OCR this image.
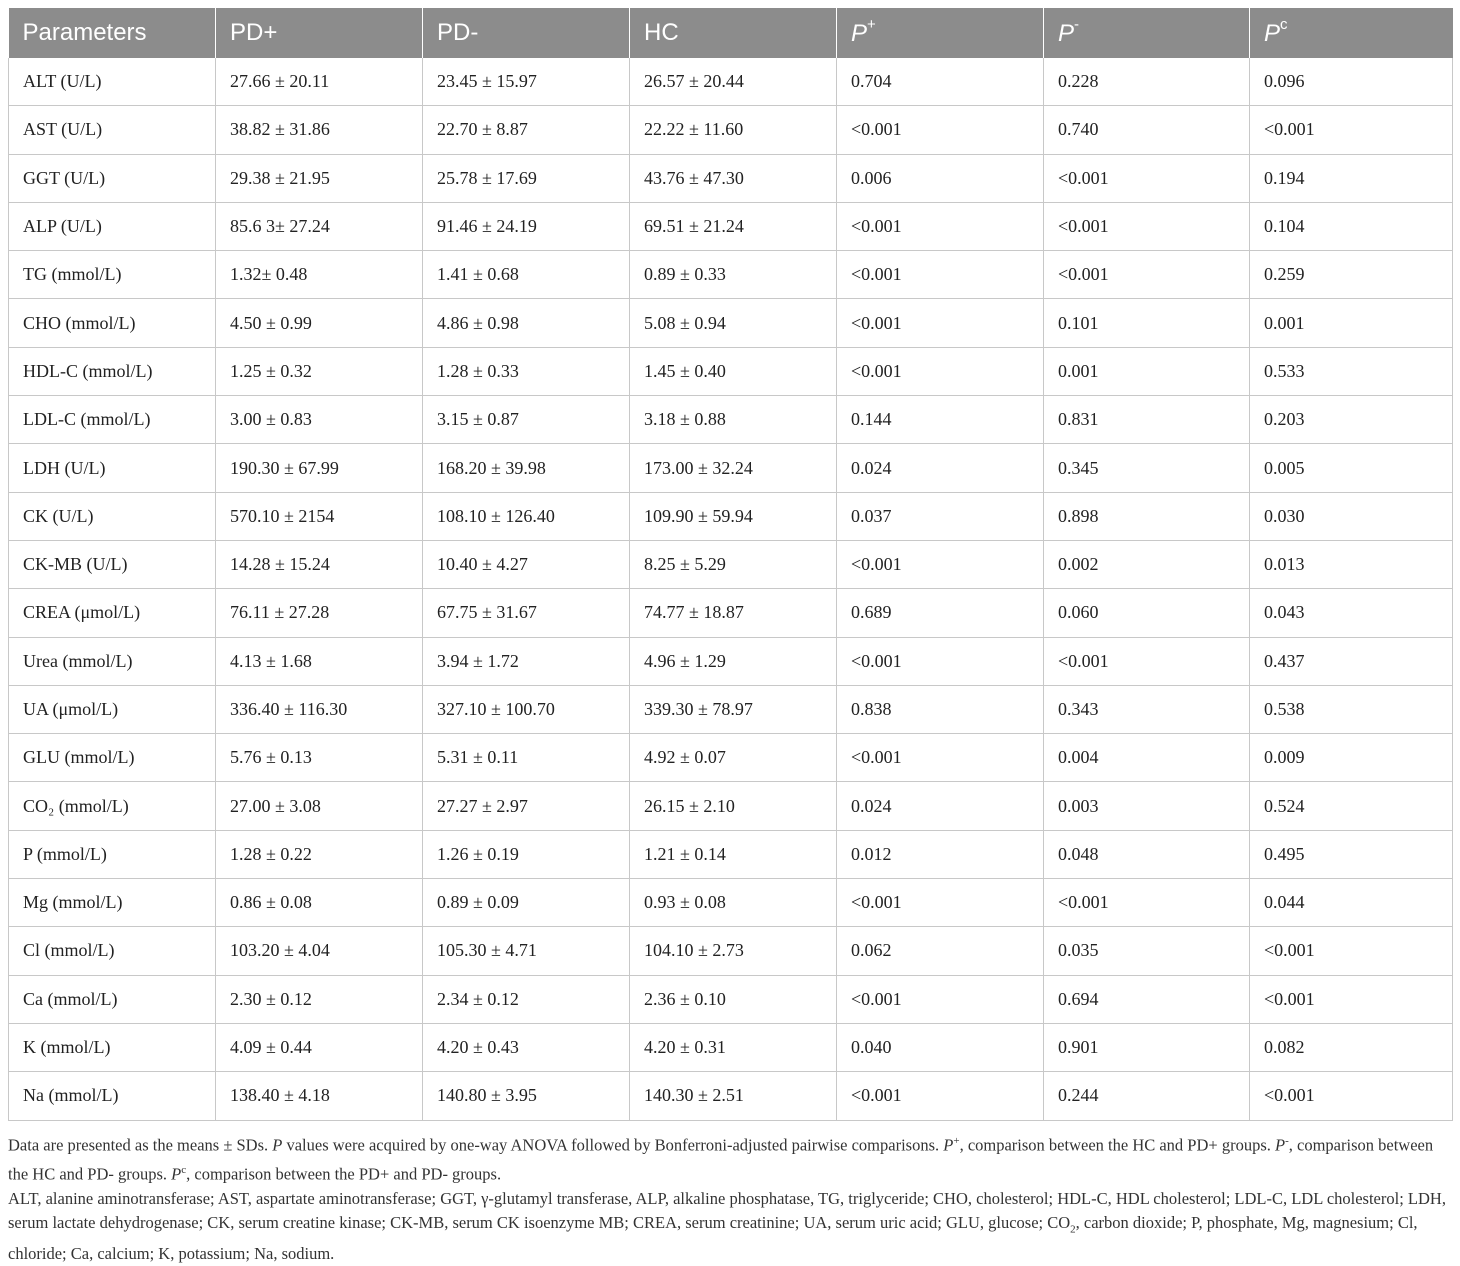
Parameters	PD+	PD-	HC	P+	P-	$P^c$
ALT (U/L)	27.66 ± 20.11	23.45 ± 15.97	26.57 ± 20.44	0.704	0.228	0.096
AST (U/L)	38.82 ± 31.86	22.70 ± 8.87	22.22 ± 11.60	<0.001	0.740	<0.001
GGT (U/L)	29.38 ± 21.95	25.78 ± 17.69	43.76 ± 47.30	0.006	<0.001	0.194
ALP (U/L)	85.6 3± 27.24	91.46 ± 24.19	69.51 ± 21.24	<0.001	<0.001	0.104
TG (mmol/L)	1.32± 0.48	1.41 ± 0.68	0.89 ± 0.33	<0.001	<0.001	0.259
CHO (mmol/L)	4.50 ± 0.99	4.86 ± 0.98	5.08 ± 0.94	<0.001	0.101	0.001
HDL-C (mmol/L)	1.25 ± 0.32	1.28 ± 0.33	1.45 ± 0.40	<0.001	0.001	0.533
LDL-C (mmol/L)	3.00 ± 0.83	3.15 ± 0.87	3.18 ± 0.88	0.144	0.831	0.203
LDH (U/L)	190.30 ± 67.99	168.20 ± 39.98	173.00 ± 32.24	0.024	0.345	0.005
CK (U/L)	570.10 ± 2154	108.10 ± 126.40	109.90 ± 59.94	0.037	0.898	0.030
CK-MB (U/L)	14.28 ± 15.24	10.40 ± 4.27	8.25 ± 5.29	<0.001	0.002	0.013
CREA (μmol/L)	76.11 ± 27.28	67.75 ± 31.67	74.77 ± 18.87	0.689	0.060	0.043
Urea (mmol/L)	4.13 ± 1.68	3.94 ± 1.72	4.96 ± 1.29	<0.001	<0.001	0.437
UA (μmol/L)	336.40 ± 116.30	327.10 ± 100.70	339.30 ± 78.97	0.838	0.343	0.538
GLU (mmol/L)	5.76 ± 0.13	5.31 ± 0.11	4.92 ± 0.07	<0.001	0.004	0.009
CO₂ (mmol/L)	27.00 ± 3.08	27.27 ± 2.97	26.15 ± 2.10	0.024	0.003	0.524
P (mmol/L)	1.28 ± 0.22	1.26 ± 0.19	1.21 ± 0.14	0.012	0.048	0.495
Mg (mmol/L)	0.86 ± 0.08	0.89 ± 0.09	0.93 ± 0.08	<0.001	<0.001	0.044
Cl (mmol/L)	103.20 ± 4.04	105.30 ± 4.71	104.10 ± 2.73	0.062	0.035	<0.001
Ca (mmol/L)	2.30 ± 0.12	2.34 ± 0.12	2.36 ± 0.10	<0.001	0.694	<0.001
K (mmol/L)	4.09 ± 0.44	4.20 ± 0.43	4.20 ± 0.31	0.040	0.901	0.082
Na (mmol/L)	138.40 ± 4.18	140.80 ± 3.95	140.30 ± 2.51	<0.001	0.244	<0.001

Data are presented as the means ± SDs. P values were acquired by one-way ANOVA followed by Bonferroni-adjusted pairwise comparisons. P+, comparison between the HC and PD+ groups. P-, comparison between the HC and PD- groups. $P^c$, comparison between the PD+ and PD- groups.

ALT, alanine aminotransferase; AST, aspartate aminotransferase; GGT, γ-glutamyl transferase, ALP, alkaline phosphatase, TG, triglyceride; CHO, cholesterol; HDL-C, HDL cholesterol; LDL-C, LDL cholesterol; LDH, serum lactate dehydrogenase; CK, serum creatine kinase; CK-MB, serum CK isoenzyme MB; CREA, serum creatinine; UA, serum uric acid; GLU, glucose; $CO_2$, carbon dioxide; P, phosphate, Mg, magnesium; Cl, chloride; Ca, calcium; K, potassium; Na, sodium.
